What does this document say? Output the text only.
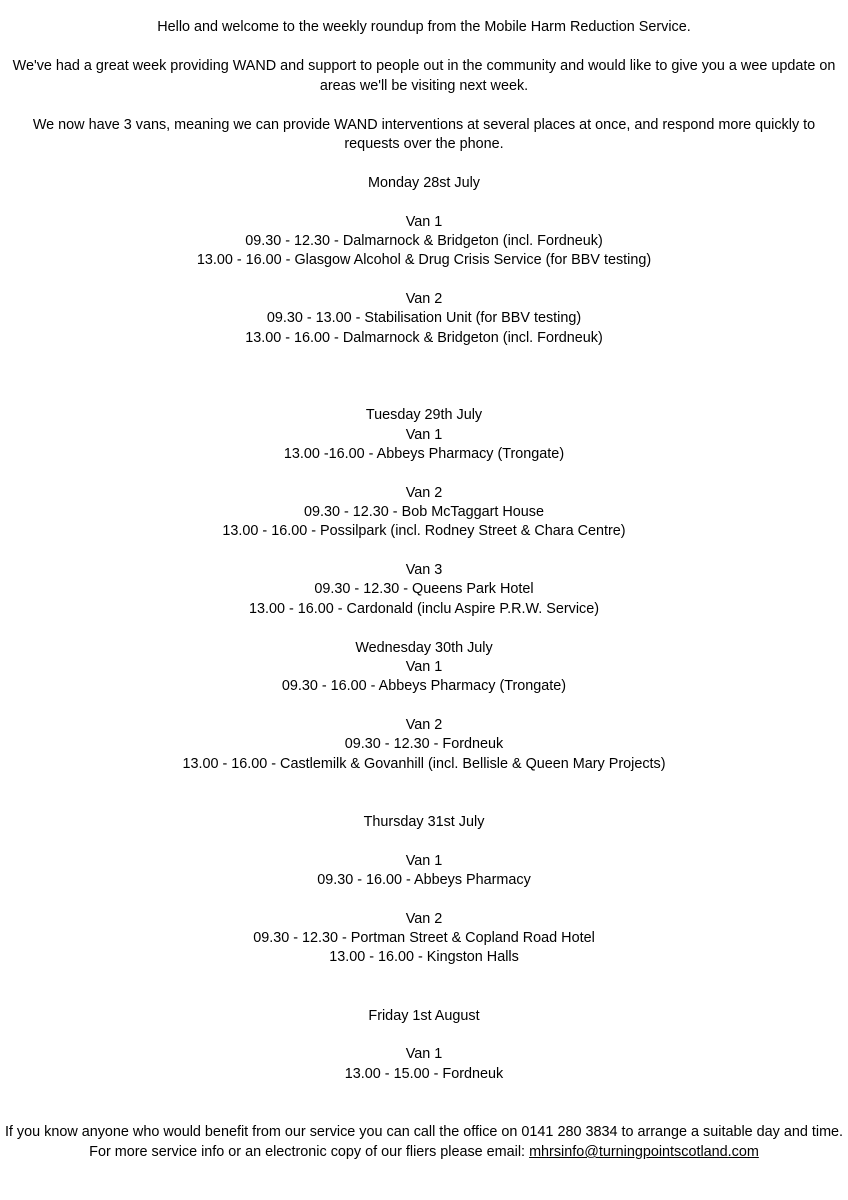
Hello and welcome to the weekly roundup from the Mobile Harm Reduction Service.
We've had a great week providing WAND and support to people out in the community and would like to give you a wee update on
areas we'll be visiting next week.
We now have 3 vans, meaning we can provide WAND interventions at several places at once, and respond more quickly to
requests over the phone.
Monday 28st July
Van 1
09.30 - 12.30 - Dalmarnock & Bridgeton (incl. Fordneuk)
13.00 - 16.00 - Glasgow Alcohol & Drug Crisis Service (for BBV testing)
Van 2
09.30 - 13.00 - Stabilisation Unit (for BBV testing)
13.00 - 16.00 - Dalmarnock & Bridgeton (incl. Fordneuk)
Tuesday 29th July
Van 1
13.00 -16.00 - Abbeys Pharmacy (Trongate)
Van 2
09.30 - 12.30 - Bob McTaggart House
13.00 - 16.00 - Possilpark (incl. Rodney Street & Chara Centre)
Van 3
09.30 - 12.30 - Queens Park Hotel
13.00 - 16.00 - Cardonald (inclu Aspire P.R.W. Service)
Wednesday 30th July
Van 1
09.30 - 16.00 - Abbeys Pharmacy (Trongate)
Van 2
09.30 - 12.30 - Fordneuk
13.00 - 16.00 - Castlemilk & Govanhill (incl. Bellisle & Queen Mary Projects)
Thursday 31st July
Van 1
09.30 - 16.00 - Abbeys Pharmacy
Van 2
09.30 - 12.30 - Portman Street & Copland Road Hotel
13.00 - 16.00 - Kingston Halls
Friday 1st August
Van 1
13.00 - 15.00 - Fordneuk
If you know anyone who would benefit from our service you can call the office on 0141 280 3834 to arrange a suitable day and time.
For more service info or an electronic copy of our fliers please email: mhrsinfo@turningpointscotland.com
